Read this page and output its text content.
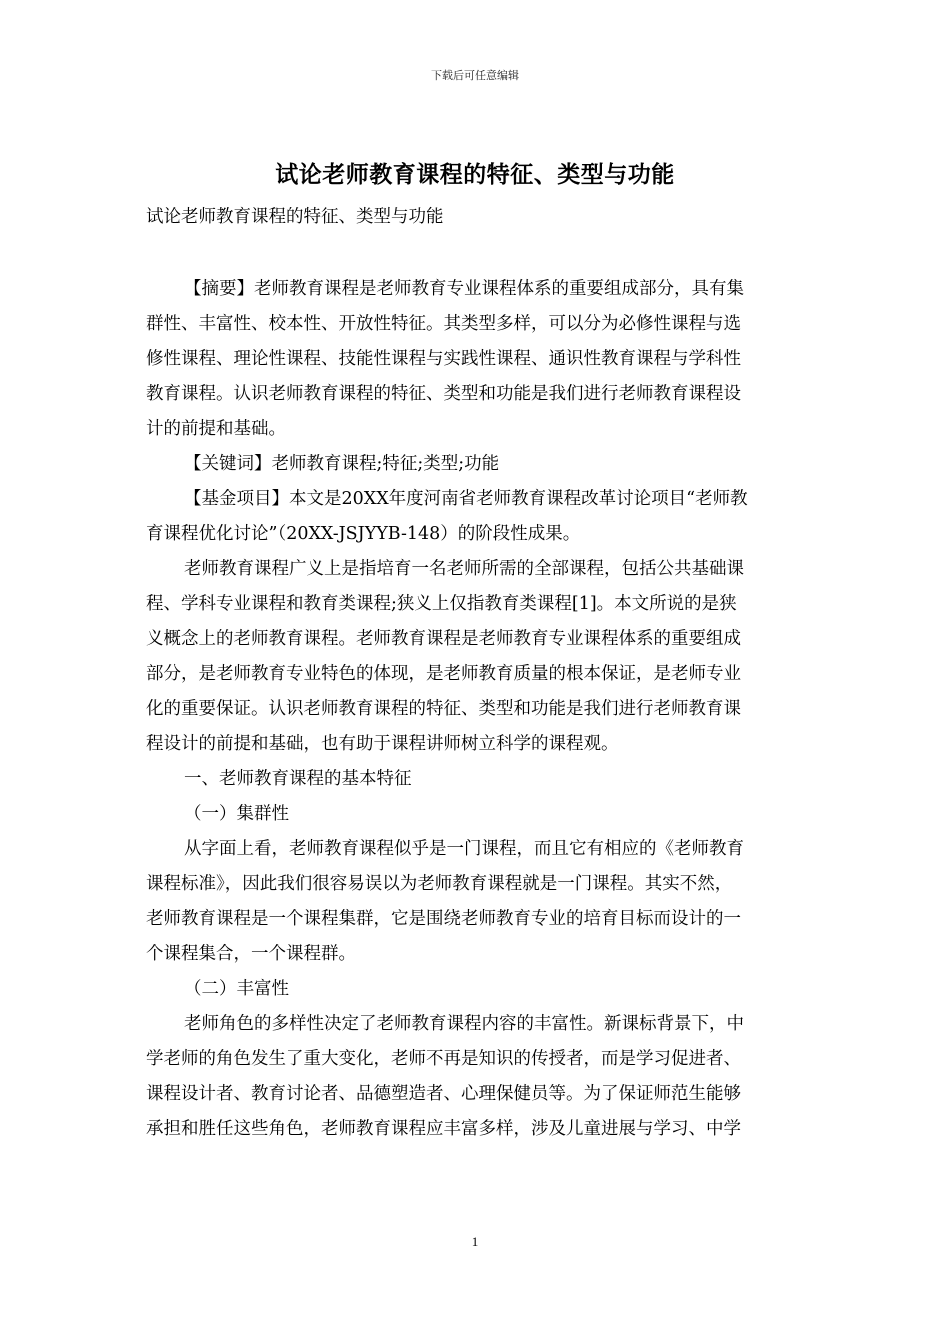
下载后可任意编辑
试论老师教育课程的特征、类型与功能
试论老师教育课程的特征、类型与功能
【摘要】老师教育课程是老师教育专业课程体系的重要组成部分，具有集
群性、丰富性、校本性、开放性特征。其类型多样，可以分为必修性课程与选
修性课程、理论性课程、技能性课程与实践性课程、通识性教育课程与学科性
教育课程。认识老师教育课程的特征、类型和功能是我们进行老师教育课程设
计的前提和基础。
【关键词】老师教育课程;特征;类型;功能
【基金项目】本文是20XX年度河南省老师教育课程改革讨论项目“老师教
育课程优化讨论”（20XX-JSJYYB-148）的阶段性成果。
老师教育课程广义上是指培育一名老师所需的全部课程，包括公共基础课
程、学科专业课程和教育类课程;狭义上仅指教育类课程[1]。本文所说的是狭
义概念上的老师教育课程。老师教育课程是老师教育专业课程体系的重要组成
部分，是老师教育专业特色的体现，是老师教育质量的根本保证，是老师专业
化的重要保证。认识老师教育课程的特征、类型和功能是我们进行老师教育课
程设计的前提和基础，也有助于课程讲师树立科学的课程观。
一、老师教育课程的基本特征
（一）集群性
从字面上看，老师教育课程似乎是一门课程，而且它有相应的《老师教育
课程标准》，因此我们很容易误以为老师教育课程就是一门课程。其实不然，
老师教育课程是一个课程集群，它是围绕老师教育专业的培育目标而设计的一
个课程集合，一个课程群。
（二）丰富性
老师角色的多样性决定了老师教育课程内容的丰富性。新课标背景下，中
学老师的角色发生了重大变化，老师不再是知识的传授者，而是学习促进者、
课程设计者、教育讨论者、品德塑造者、心理保健员等。为了保证师范生能够
承担和胜任这些角色，老师教育课程应丰富多样，涉及儿童进展与学习、中学
1
